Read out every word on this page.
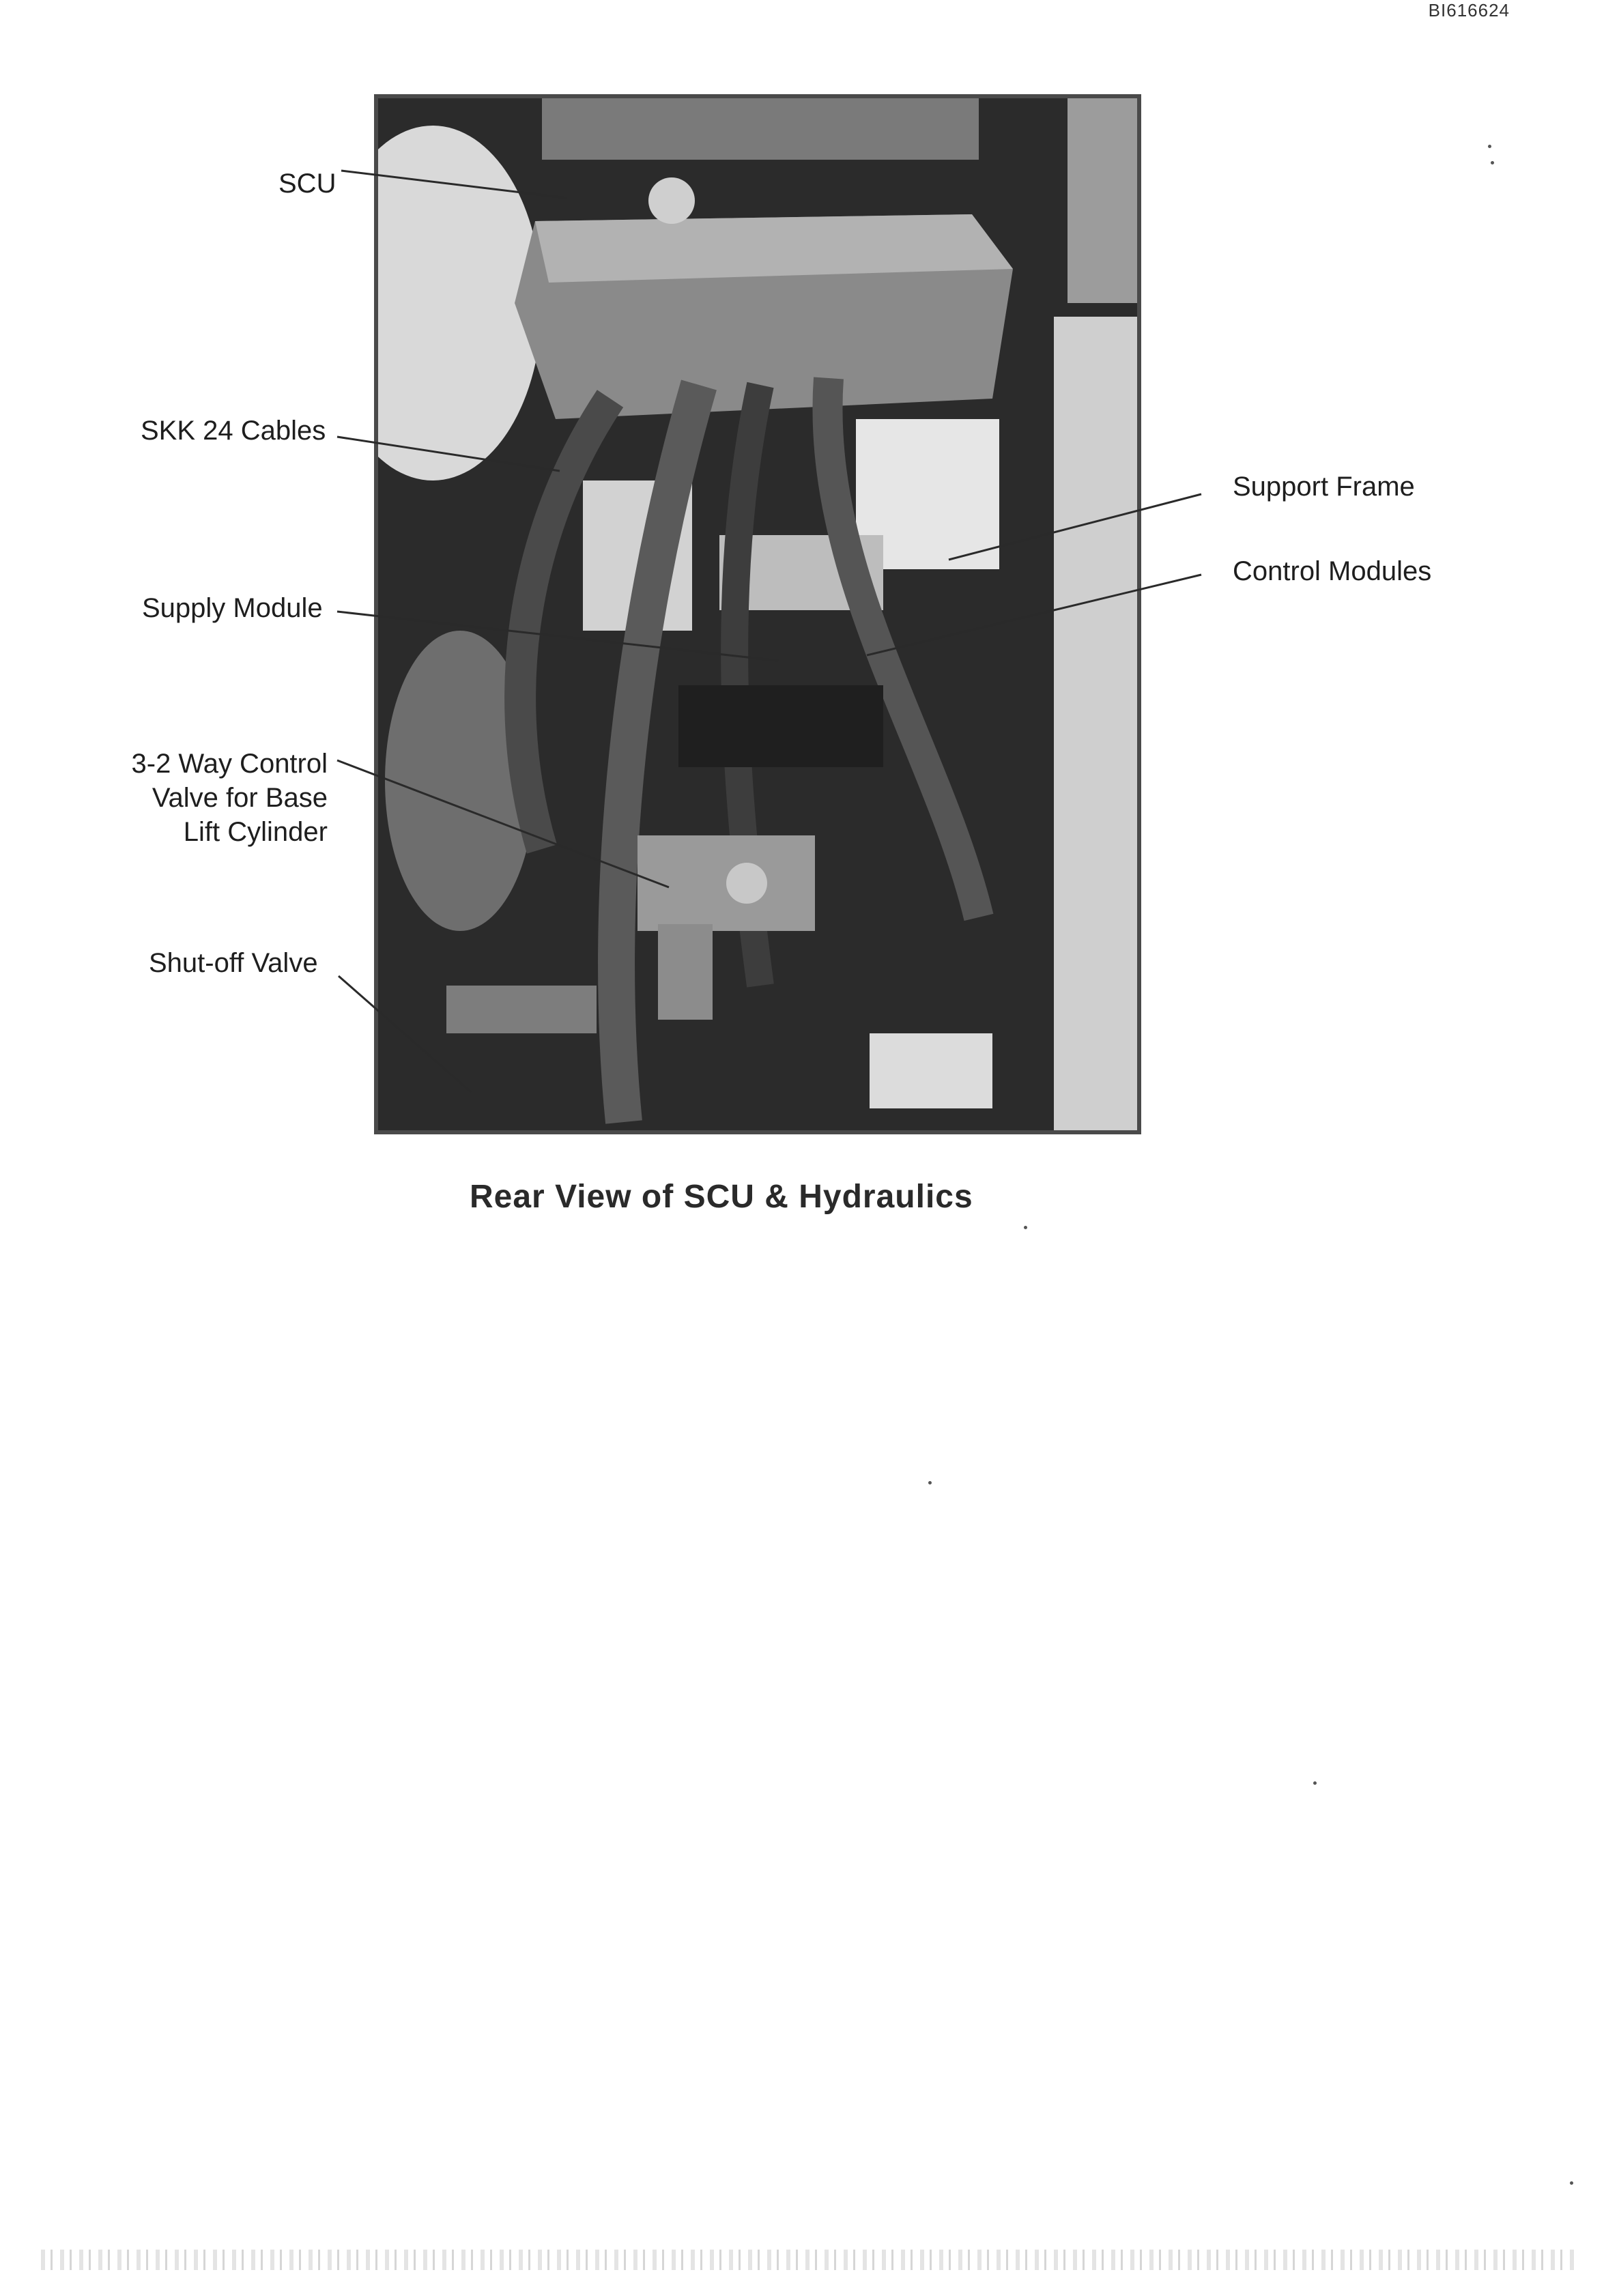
BI616624
SCU
SKK 24 Cables
Supply Module
3-2 Way Control
Valve for Base
Lift Cylinder
Shut-off Valve
Support Frame
Control Modules
Rear View of SCU & Hydraulics
